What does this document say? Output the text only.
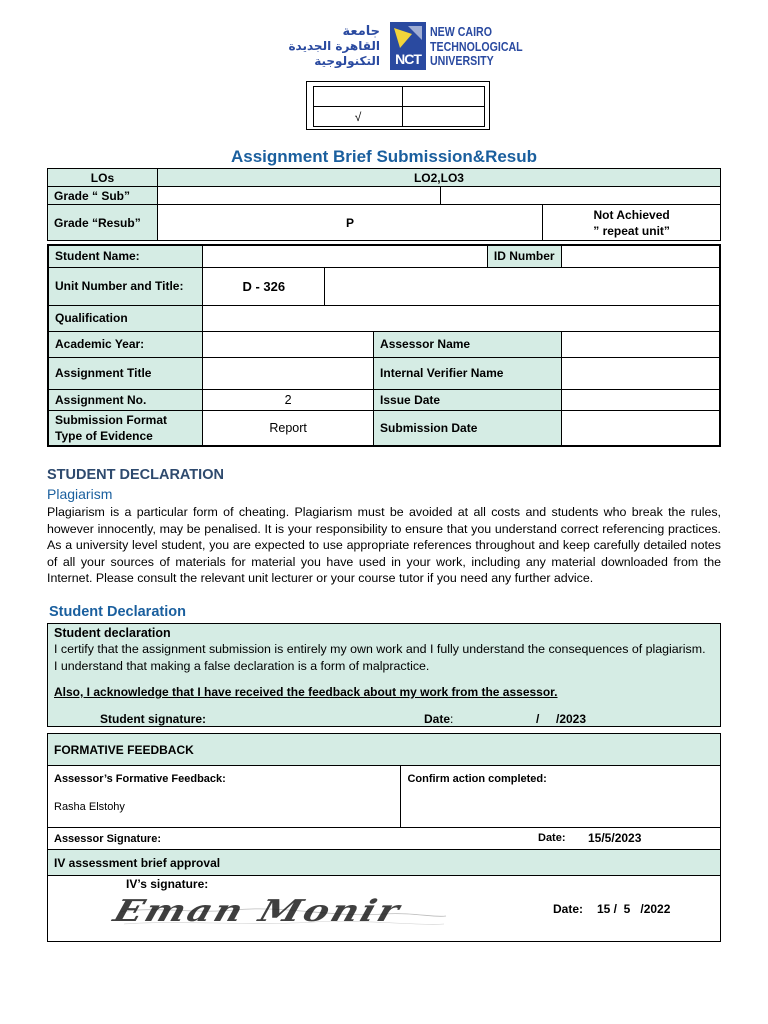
جامعة
القاهرة الجديدة
التكنولوجية	NCT
NEW CAIRO
TECHNOLOGICAL
UNIVERSITY

√	
Assignment Brief Submission&Resub
LOs	LO2,LO3		
Grade “ Sub”			
Grade “Resub”	P		Not Achieved
” repeat unit”
Student Name:				ID Number	
Unit Number and Title:	D - 326				
Qualification					
Academic Year:			Assessor Name		
Assignment Title			Internal Verifier Name		
Assignment No.	2		Issue Date		
Submission Format Type of Evidence	Report		Submission Date		
STUDENT DECLARATION
Plagiarism
Plagiarism is a particular form of cheating. Plagiarism must be avoided at all costs and students who break the rules, however innocently, may be penalised. It is your responsibility to ensure that you understand correct referencing practices. As a university level student, you are expected to use appropriate references throughout and keep carefully detailed notes of all your sources of materials for material you have used in your work, including any material downloaded from the Internet. Please consult the relevant unit lecturer or your course tutor if you need any further advice.
Student Declaration
Student declaration
I certify that the assignment submission is entirely my own work and I fully understand the consequences of plagiarism. I understand that making a false declaration is a form of malpractice.
Also, I acknowledge that I have received the feedback about my work from the assessor.
Student signature:	Date:	/     /2023
FORMATIVE FEEDBACK

Assessor’s Formative Feedback:
Rasha Elstohy

Confirm action completed:

Assessor Signature:	Date: 15/5/2023

IV assessment brief approval

IV’s signature:
Eman Monir	Date: 15 /  5   /2022
